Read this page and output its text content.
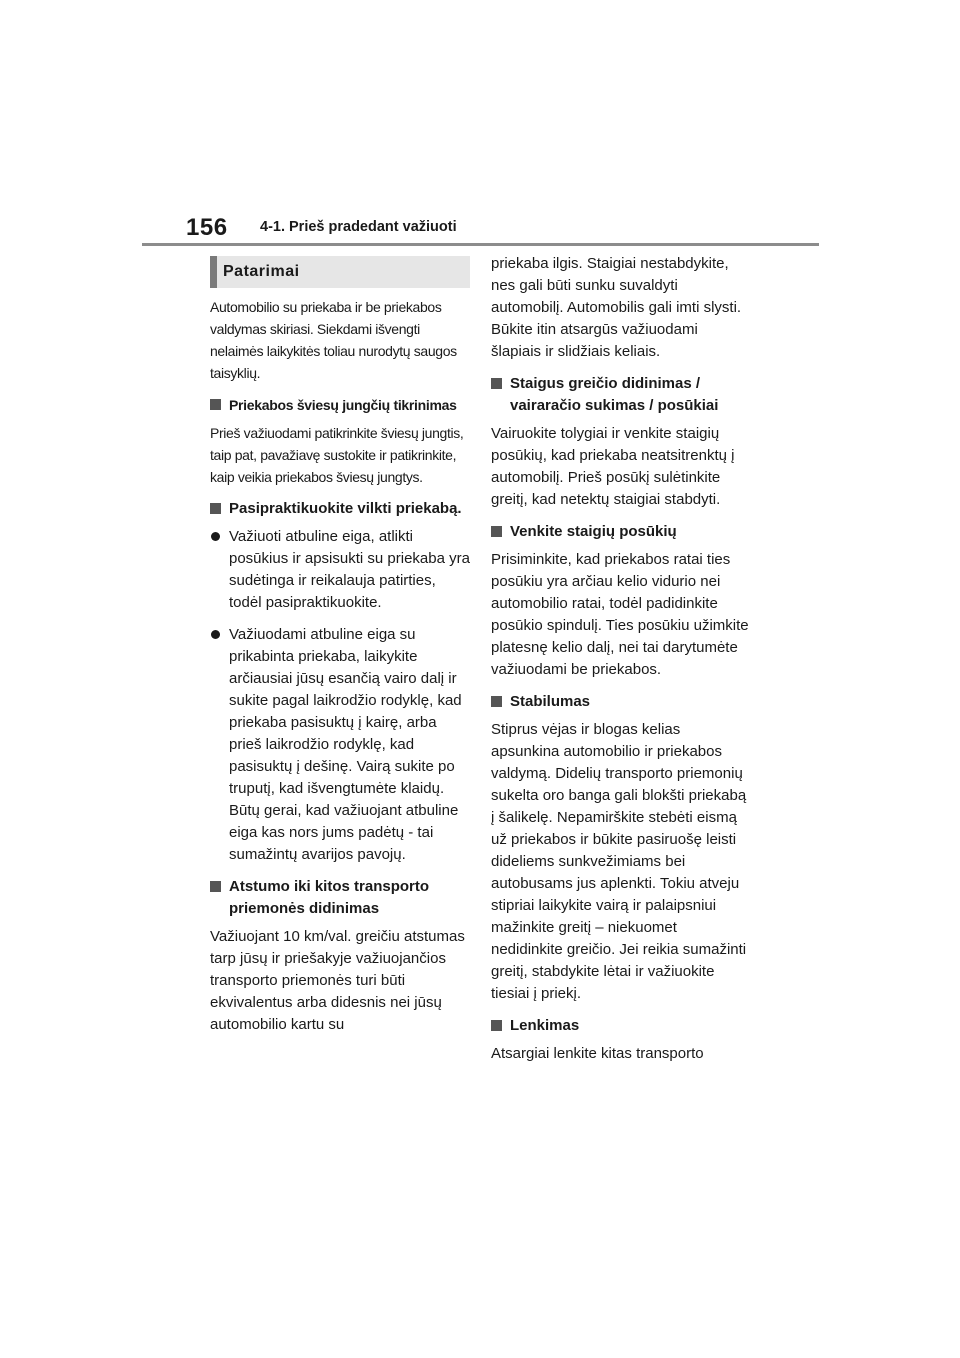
156 4-1. Prieš pradedant važiuoti
Patarimai

Automobilio su priekaba ir be priekabos valdymas skiriasi. Siekdami išvengti nelaimės laikykitės toliau nurodytų saugos taisyklių.

Priekabos šviesų jungčių tikrinimas

Prieš važiuodami patikrinkite šviesų jungtis, taip pat, pavažiavę sustokite ir patikrinkite, kaip veikia priekabos šviesų jungtys.

Pasipraktikuokite vilkti priekabą.
Važiuoti atbuline eiga, atlikti posūkius ir apsisukti su priekaba yra sudėtinga ir reikalauja patirties, todėl pasipraktikuokite.
Važiuodami atbuline eiga su prikabinta priekaba, laikykite arčiausiai jūsų esančią vairo dalį ir sukite pagal laikrodžio rodyklę, kad priekaba pasisuktų į kairę, arba prieš laikrodžio rodyklę, kad pasisuktų į dešinę. Vairą sukite po truputį, kad išvengtumėte klaidų. Būtų gerai, kad važiuojant atbuline eiga kas nors jums padėtų - tai sumažintų avarijos pavojų.
Atstumo iki kitos transporto priemonės didinimas

Važiuojant 10 km/val. greičiu atstumas tarp jūsų ir priešakyje važiuojančios transporto priemonės turi būti ekvivalentus arba didesnis nei jūsų automobilio kartu su

priekaba ilgis. Staigiai nestabdykite, nes gali būti sunku suvaldyti automobilį. Automobilis gali imti slysti. Būkite itin atsargūs važiuodami šlapiais ir slidžiais keliais.

Staigus greičio didinimas / vairaračio sukimas / posūkiai

Vairuokite tolygiai ir venkite staigių posūkių, kad priekaba neatsitrenktų į automobilį. Prieš posūkį sulėtinkite greitį, kad netektų staigiai stabdyti.

Venkite staigių posūkių

Prisiminkite, kad priekabos ratai ties posūkiu yra arčiau kelio vidurio nei automobilio ratai, todėl padidinkite posūkio spindulį. Ties posūkiu užimkite platesnę kelio dalį, nei tai darytumėte važiuodami be priekabos.

Stabilumas

Stiprus vėjas ir blogas kelias apsunkina automobilio ir priekabos valdymą. Didelių transporto priemonių sukelta oro banga gali blokšti priekabą į šalikelę. Nepamirškite stebėti eismą už priekabos ir būkite pasiruošę leisti dideliems sunkvežimiams bei autobusams jus aplenkti. Tokiu atveju stipriai laikykite vairą ir palaipsniui mažinkite greitį – niekuomet nedidinkite greičio. Jei reikia sumažinti greitį, stabdykite lėtai ir važiuokite tiesiai į priekį.

Lenkimas

Atsargiai lenkite kitas transporto
